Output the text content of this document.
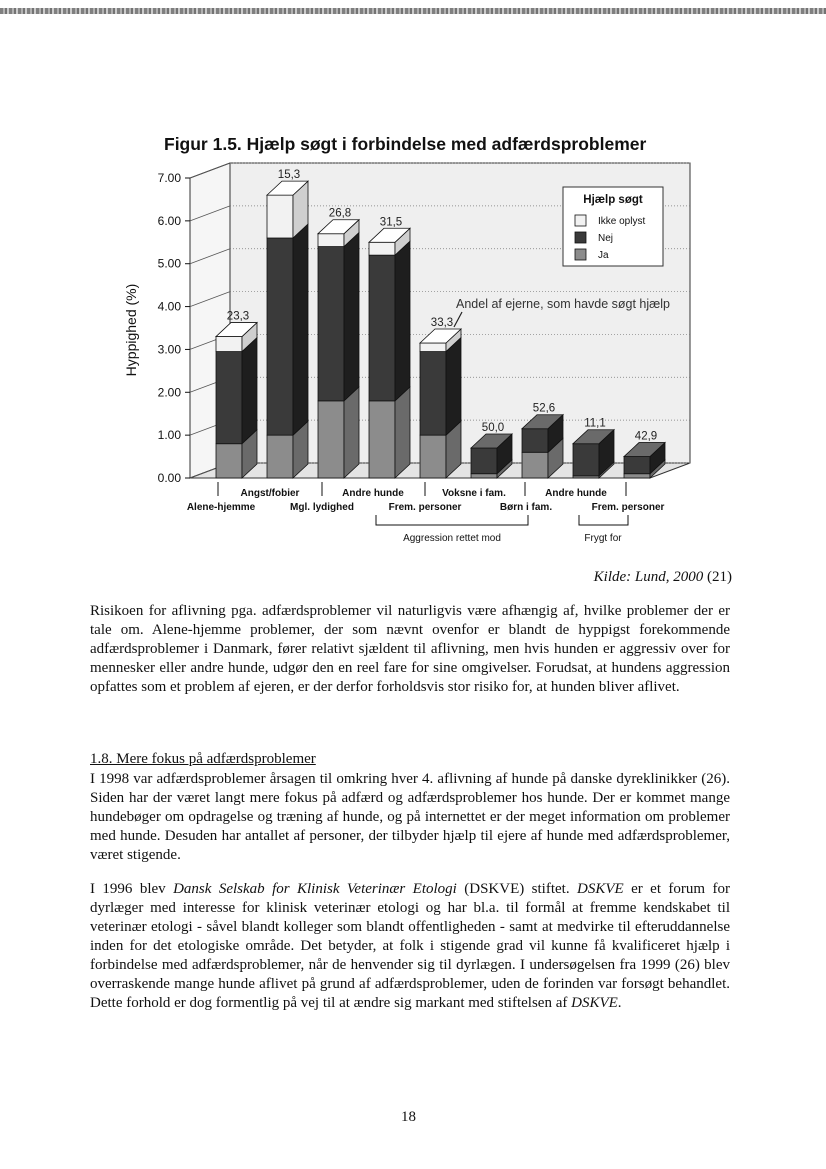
Figur 1.5. Hjælp søgt i forbindelse med adfærdsproblemer
0.00
1.00
2.00
3.00
4.00
5.00
6.00
7.00
Hyppighed (%)	23,3
15,3
26,8
31,5
33,3
50,0
52,6
11,1
42,9
Andel af ejerne, som havde søgt hjælp
Hjælp søgt
Ikke oplyst
Nej
Ja
Angst/fobier	Andre hunde	Voksne i fam.	Andre hunde
Alene-hjemme	Mgl. lydighed	Frem. personer	Børn i fam.	Frem. personer
Aggression rettet mod	Frygt for
Kilde: Lund, 2000 (21)

Risikoen for aflivning pga. adfærdsproblemer vil naturligvis være afhængig af, hvilke problemer der er tale om. Alene-hjemme problemer, der som nævnt ovenfor er blandt de hyppigst forekommende adfærdsproblemer i Danmark, fører relativt sjældent til aflivning, men hvis hunden er aggressiv over for mennesker eller andre hunde, udgør den en reel fare for sine omgivelser. Forudsat, at hundens aggression opfattes som et problem af ejeren, er der derfor forholdsvis stor risiko for, at hunden bliver aflivet.

1.8. Mere fokus på adfærdsproblemer

I 1998 var adfærdsproblemer årsagen til omkring hver 4. aflivning af hunde på danske dyreklinikker (26). Siden har der været langt mere fokus på adfærd og adfærdsproblemer hos hunde. Der er kommet mange hundebøger om opdragelse og træning af hunde, og på internettet er der meget information om problemer med hunde. Desuden har antallet af personer, der tilbyder hjælp til ejere af hunde med adfærdsproblemer, været stigende.

I 1996 blev Dansk Selskab for Klinisk Veterinær Etologi (DSKVE) stiftet. DSKVE er et forum for dyrlæger med interesse for klinisk veterinær etologi og har bl.a. til formål at fremme kendskabet til veterinær etologi - såvel blandt kolleger som blandt offentligheden - samt at medvirke til efteruddannelse inden for det etologiske område. Det betyder, at folk i stigende grad vil kunne få kvalificeret hjælp i forbindelse med adfærdsproblemer, når de henvender sig til dyrlægen. I undersøgelsen fra 1999 (26) blev overraskende mange hunde aflivet på grund af adfærdsproblemer, uden de forinden var forsøgt behandlet. Dette forhold er dog formentlig på vej til at ændre sig markant med stiftelsen af DSKVE.

18
